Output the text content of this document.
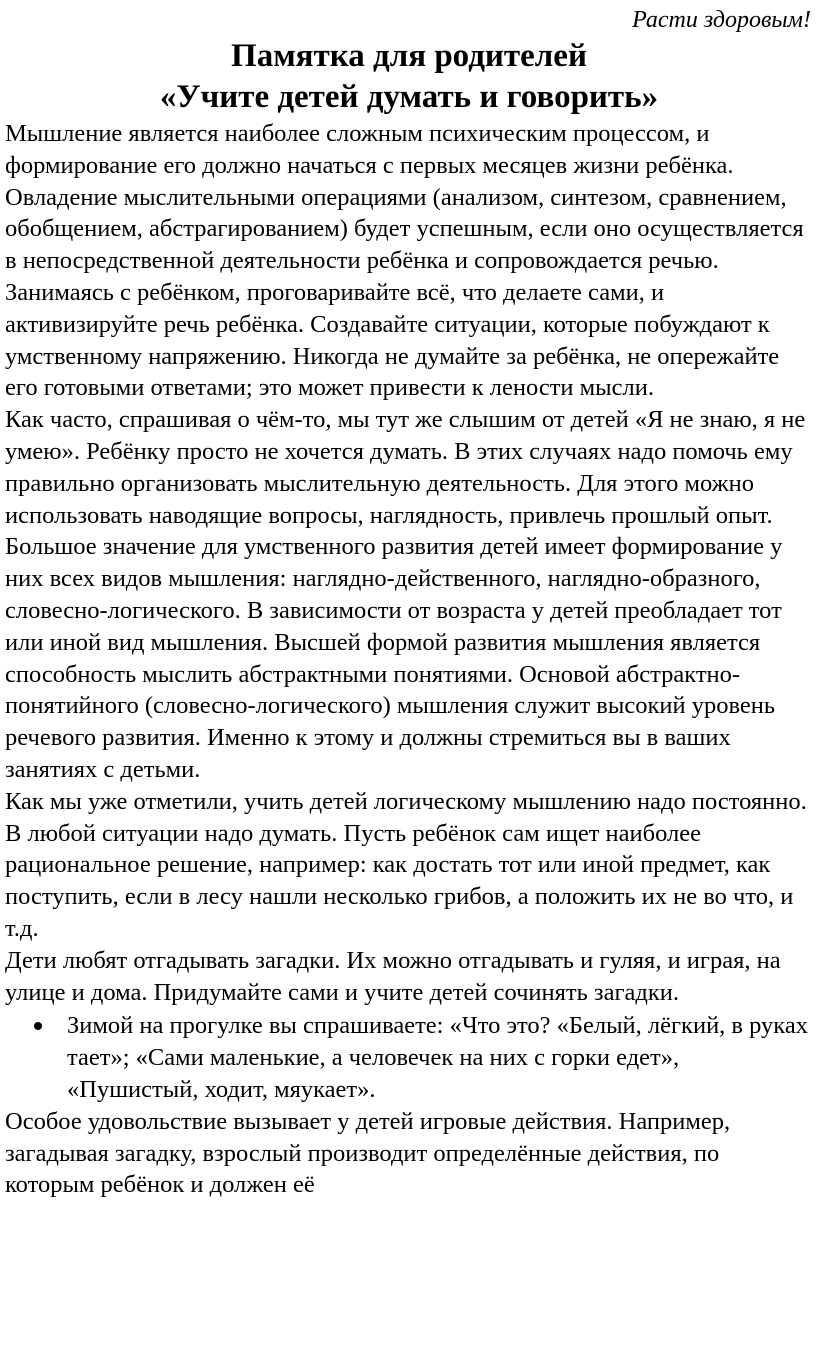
Расти здоровым!
Памятка для родителей
«Учите детей думать и говорить»

Мышление является наиболее сложным психическим процессом, и формирование его должно начаться с первых месяцев жизни ребёнка. Овладение мыслительными операциями (анализом, синтезом, сравнением, обобщением, абстрагированием) будет успешным, если оно осуществляется в непосредственной деятельности ребёнка и сопровождается речью. Занимаясь с ребёнком, проговаривайте всё, что делаете сами, и активизируйте речь ребёнка. Создавайте ситуации, которые побуждают к умственному напряжению. Никогда не думайте за ребёнка, не опережайте его готовыми ответами; это может привести к лености мысли.

Как часто, спрашивая о чём-то, мы тут же слышим от детей «Я не знаю, я не умею». Ребёнку просто не хочется думать. В этих случаях надо помочь ему правильно организовать мыслительную деятельность. Для этого можно использовать наводящие вопросы, наглядность, привлечь прошлый опыт.

Большое значение для умственного развития детей имеет формирование у них всех видов мышления: наглядно-действенного, наглядно-образного, словесно-логического. В зависимости от возраста у детей преобладает тот или иной вид мышления. Высшей формой развития мышления является способность мыслить абстрактными понятиями. Основой абстрактно-понятийного (словесно-логического) мышления служит высокий уровень речевого развития. Именно к этому и должны стремиться вы в ваших занятиях с детьми.

Как мы уже отметили, учить детей логическому мышлению надо постоянно. В любой ситуации надо думать. Пусть ребёнок сам ищет наиболее рациональное решение, например: как достать тот или иной предмет, как поступить, если в лесу нашли несколько грибов, а положить их не во что, и т.д.

Дети любят отгадывать загадки. Их можно отгадывать и гуляя, и играя, на улице и дома. Придумайте сами и учите детей сочинять загадки.

Зимой на прогулке вы спрашиваете: «Что это? «Белый, лёгкий, в руках тает»; «Сами маленькие, а человечек на них с горки едет», «Пушистый, ходит, мяукает».

Особое удовольствие вызывает у детей игровые действия. Например, загадывая загадку, взрослый производит определённые действия, по которым ребёнок и должен её
